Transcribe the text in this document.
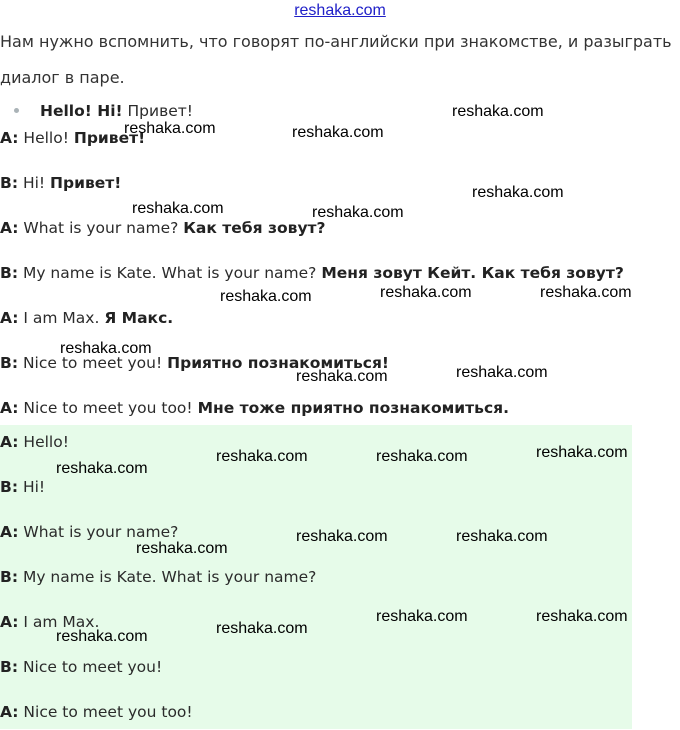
reshaka.com
Нам нужно вспомнить, что говорят по-английски при знакомстве, и разыграть
диалог в паре.
Hello! Hi! Привет!
A: Hello! Привет!
B: Hi! Привет!
A: What is your name? Как тебя зовут?
B: My name is Kate. What is your name? Меня зовут Кейт. Как тебя зовут?
A: I am Max. Я Макс.
B: Nice to meet you! Приятно познакомиться!
A: Nice to meet you too! Мне тоже приятно познакомиться.
A: Hello!
B: Hi!
A: What is your name?
B: My name is Kate. What is your name?
A: I am Max.
B: Nice to meet you!
A: Nice to meet you too!
reshaka.com
reshaka.com	reshaka.com
reshaka.com
reshaka.com	reshaka.com
reshaka.com	reshaka.com	reshaka.com
reshaka.com
reshaka.com	reshaka.com
reshaka.com
reshaka.com	reshaka.com	reshaka.com
reshaka.com
reshaka.com	reshaka.com
reshaka.com	reshaka.com
reshaka.com	reshaka.com
